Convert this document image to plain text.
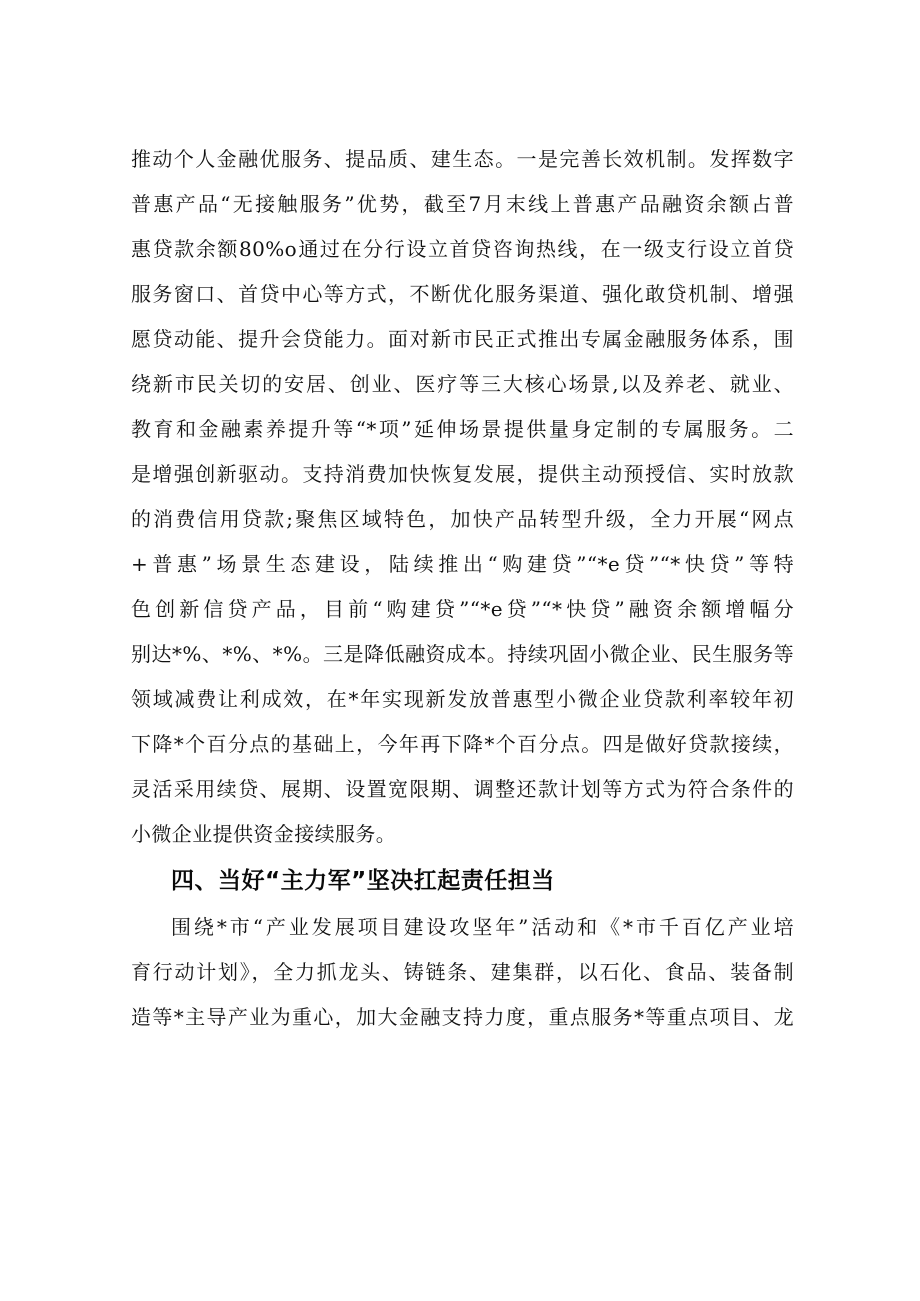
推动个人金融优服务、提品质、建生态。一是完善长效机制。发挥数字
普惠产品“无接触服务”优势，截至7月末线上普惠产品融资余额占普
惠贷款余额80%o通过在分行设立首贷咨询热线，在一级支行设立首贷
服务窗口、首贷中心等方式，不断优化服务渠道、强化敢贷机制、增强
愿贷动能、提升会贷能力。面对新市民正式推出专属金融服务体系，围
绕新市民关切的安居、创业、医疗等三大核心场景,以及养老、就业、
教育和金融素养提升等“*项”延伸场景提供量身定制的专属服务。二
是增强创新驱动。支持消费加快恢复发展，提供主动预授信、实时放款
的消费信用贷款;聚焦区域特色，加快产品转型升级，全力开展“网点
+普惠”场景生态建设，陆续推出“购建贷”“*e贷”“*快贷”等特
色创新信贷产品，目前“购建贷”“*e贷”“*快贷”融资余额增幅分
别达*%、*%、*%。三是降低融资成本。持续巩固小微企业、民生服务等
领域减费让利成效，在*年实现新发放普惠型小微企业贷款利率较年初
下降*个百分点的基础上，今年再下降*个百分点。四是做好贷款接续，
灵活采用续贷、展期、设置宽限期、调整还款计划等方式为符合条件的
小微企业提供资金接续服务。
四、当好“主力军”坚决扛起责任担当
围绕*市“产业发展项目建设攻坚年”活动和《*市千百亿产业培
育行动计划》，全力抓龙头、铸链条、建集群，以石化、食品、装备制
造等*主导产业为重心，加大金融支持力度，重点服务*等重点项目、龙
